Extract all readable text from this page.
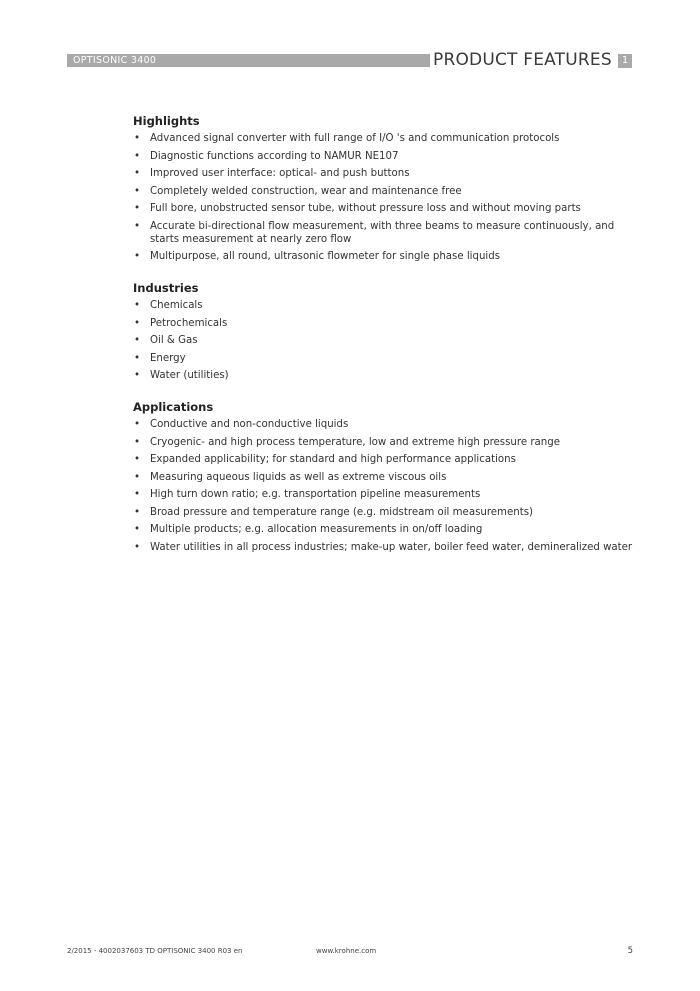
OPTISONIC 3400	PRODUCT FEATURES 1
Highlights
• Advanced signal converter with full range of I/O 's and communication protocols
• Diagnostic functions according to NAMUR NE107
• Improved user interface: optical- and push buttons
• Completely welded construction, wear and maintenance free
• Full bore, unobstructed sensor tube, without pressure loss and without moving parts
• Accurate bi-directional flow measurement, with three beams to measure continuously, and starts measurement at nearly zero flow
• Multipurpose, all round, ultrasonic flowmeter for single phase liquids
Industries
• Chemicals
• Petrochemicals
• Oil & Gas
• Energy
• Water (utilities)
Applications
• Conductive and non-conductive liquids
• Cryogenic- and high process temperature, low and extreme high pressure range
• Expanded applicability; for standard and high performance applications
• Measuring aqueous liquids as well as extreme viscous oils
• High turn down ratio; e.g. transportation pipeline measurements
• Broad pressure and temperature range (e.g. midstream oil measurements)
• Multiple products; e.g. allocation measurements in on/off loading
• Water utilities in all process industries; make-up water, boiler feed water, demineralized water
2/2015 - 4002037603 TD OPTISONIC 3400 R03 en	www.krohne.com	5
